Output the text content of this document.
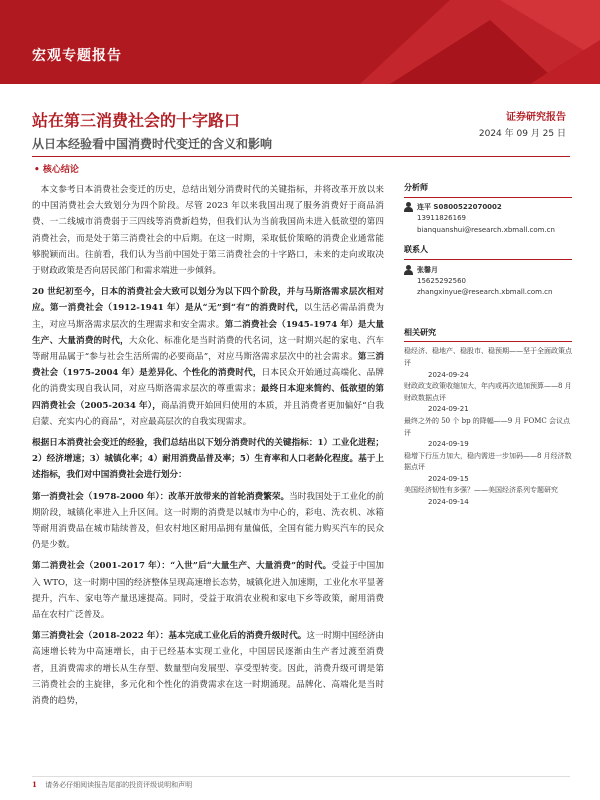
宏观专题报告
站在第三消费社会的十字路口
从日本经验看中国消费时代变迁的含义和影响
证券研究报告
2024 年 09 月 25 日
• 核心结论

本文参考日本消费社会变迁的历史，总结出划分消费时代的关键指标，并将改革开放以来的中国消费社会大致划分为四个阶段。尽管 2023 年以来我国出现了服务消费好于商品消费、一二线城市消费弱于三四线等消费新趋势，但我们认为当前我国尚未进入低欲望的第四消费社会，而是处于第三消费社会的中后期。在这一时期，采取低价策略的消费企业通常能够脱颖而出。往前看，我们认为当前中国处于第三消费社会的十字路口，未来的走向或取决于财政政策是否向居民部门和需求端进一步倾斜。

20 世纪初至今，日本的消费社会大致可以划分为以下四个阶段，并与马斯洛需求层次相对应。第一消费社会（1912-1941 年）是从“无”到“有”的消费时代，以生活必需品消费为主，对应马斯洛需求层次的生理需求和安全需求。第二消费社会（1945-1974 年）是大量生产、大量消费的时代，大众化、标准化是当时消费的代名词，这一时期兴起的家电、汽车等耐用品属于“参与社会生活所需的必要商品”，对应马斯洛需求层次中的社会需求。第三消费社会（1975-2004 年）是差异化、个性化的消费时代，日本民众开始通过高端化、品牌化的消费实现自我认同，对应马斯洛需求层次的尊重需求；最终日本迎来简约、低欲望的第四消费社会（2005-2034 年），商品消费开始回归使用的本质，并且消费者更加偏好“自我启蒙、充实内心的商品”，对应最高层次的自我实现需求。

根据日本消费社会变迁的经验，我们总结出以下划分消费时代的关键指标：1）工业化进程；2）经济增速；3）城镇化率；4）耐用消费品普及率；5）生育率和人口老龄化程度。基于上述指标，我们对中国消费社会进行划分：

第一消费社会（1978-2000 年）：改革开放带来的首轮消费繁荣。当时我国处于工业化的前期阶段，城镇化率进入上升区间。这一时期的消费是以城市为中心的，彩电、洗衣机、冰箱等耐用消费品在城市陆续普及，但农村地区耐用品拥有量偏低，全国有能力购买汽车的民众仍是少数。

第二消费社会（2001-2017 年）：“入世”后“大量生产、大量消费”的时代。受益于中国加入 WTO，这一时期中国的经济整体呈现高速增长态势，城镇化进入加速期，工业化水平显著提升，汽车、家电等产量迅速提高。同时，受益于取消农业税和家电下乡等政策，耐用消费品在农村广泛普及。

第三消费社会（2018-2022 年）：基本完成工业化后的消费升级时代。这一时期中国经济由高速增长转为中高速增长，由于已经基本实现工业化，中国居民逐渐由生产者过渡至消费者，且消费需求的增长从生存型、数量型向发展型、享受型转变。因此，消费升级可谓是第三消费社会的主旋律，多元化和个性化的消费需求在这一时期涌现。品牌化、高端化是当时消费的趋势，

分析师
连平 S0800522070002
13911826169
bianquanshui@research.xbmall.com.cn
联系人
张馨月
15625292560
zhangxinyue@research.xbmall.com.cn
相关研究
稳经济、稳地产、稳股市、稳预期——坚于全面政策点评
2024-09-24
财政政支政策收缩加大，年内或再次追加预算——8 月财政数据点评
2024-09-21
最终之外的 50 个 bp 的降幅——9 月 FOMC 会议点评
2024-09-19
稳增下行压力加大，稳内需进一步加码——8 月经济数据点评
2024-09-15
美国经济韧性有多强？——美国经济系列专题研究
2024-09-14
1 请务必仔细阅读报告尾部的投资评级说明和声明
